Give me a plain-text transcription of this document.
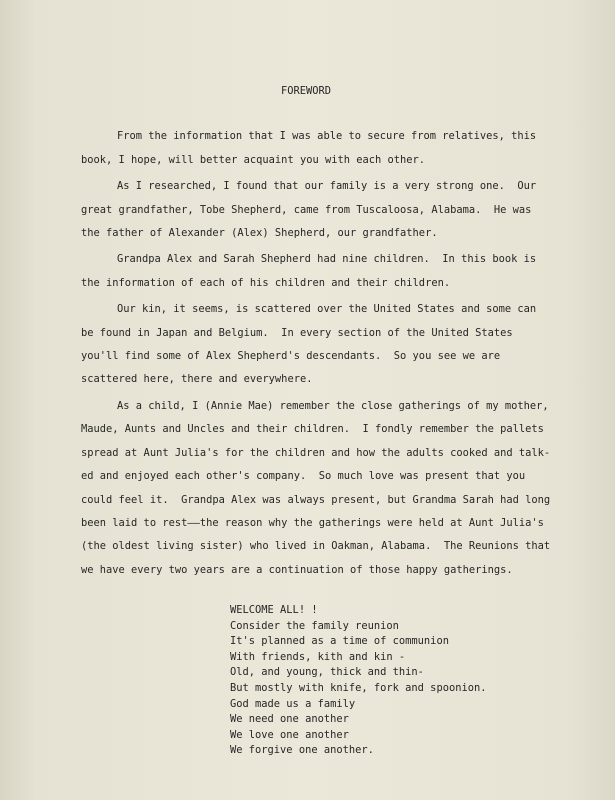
FOREWORD
From the information that I was able to secure from relatives, this
book, I hope, will better acquaint you with each other.
As I researched, I found that our family is a very strong one.  Our
great grandfather, Tobe Shepherd, came from Tuscaloosa, Alabama.  He was
the father of Alexander (Alex) Shepherd, our grandfather.
Grandpa Alex and Sarah Shepherd had nine children.  In this book is
the information of each of his children and their children.
Our kin, it seems, is scattered over the United States and some can
be found in Japan and Belgium.  In every section of the United States
you'll find some of Alex Shepherd's descendants.  So you see we are
scattered here, there and everywhere.
As a child, I (Annie Mae) remember the close gatherings of my mother,
Maude, Aunts and Uncles and their children.  I fondly remember the pallets
spread at Aunt Julia's for the children and how the adults cooked and talk-
ed and enjoyed each other's company.  So much love was present that you
could feel it.  Grandpa Alex was always present, but Grandma Sarah had long
been laid to rest——the reason why the gatherings were held at Aunt Julia's
(the oldest living sister) who lived in Oakman, Alabama.  The Reunions that
we have every two years are a continuation of those happy gatherings.
WELCOME ALL! !
Consider the family reunion
It's planned as a time of communion
With friends, kith and kin -
Old, and young, thick and thin-
But mostly with knife, fork and spoonion.
God made us a family
We need one another
We love one another
We forgive one another.
